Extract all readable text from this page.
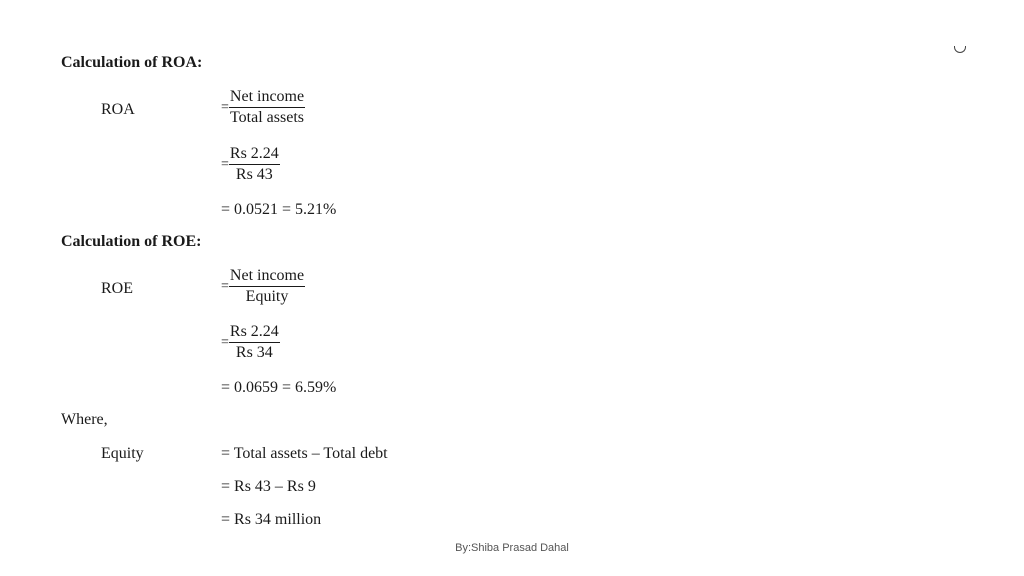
Calculation of ROA:
ROA	= $\frac{\text{Net income}}{\text{Total assets}}$
= $\frac{Rs 2.24}{Rs 43}$
= 0.0521 = 5.21%
Calculation of ROE:
ROE	= $\frac{\text{Net income}}{\text{Equity}}$
= $\frac{Rs 2.24}{Rs 34}$
= 0.0659 = 6.59%
Where,
Equity	= Total assets – Total debt
= Rs 43 – Rs 9
= Rs 34 million
By:Shiba Prasad Dahal
